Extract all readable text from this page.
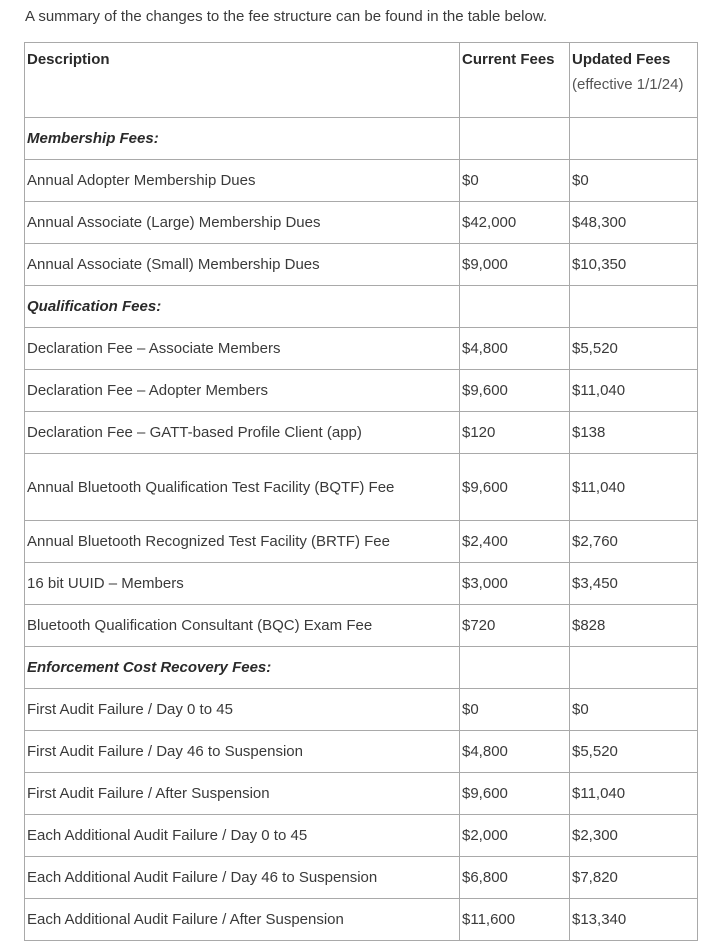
A summary of the changes to the fee structure can be found in the table below.
Description	Current Fees	Updated Fees
(effective 1/1/24)

Membership Fees:		
Annual Adopter Membership Dues	$0	$0
Annual Associate (Large) Membership Dues	$42,000	$48,300
Annual Associate (Small) Membership Dues	$9,000	$10,350
Qualification Fees:		
Declaration Fee – Associate Members	$4,800	$5,520
Declaration Fee – Adopter Members	$9,600	$11,040
Declaration Fee – GATT-based Profile Client (app)	$120	$138
Annual Bluetooth Qualification Test Facility (BQTF) Fee	$9,600	$11,040
Annual Bluetooth Recognized Test Facility (BRTF) Fee	$2,400	$2,760
16 bit UUID – Members	$3,000	$3,450
Bluetooth Qualification Consultant (BQC) Exam Fee	$720	$828
Enforcement Cost Recovery Fees:		
First Audit Failure / Day 0 to 45	$0	$0
First Audit Failure / Day 46 to Suspension	$4,800	$5,520
First Audit Failure / After Suspension	$9,600	$11,040
Each Additional Audit Failure / Day 0 to 45	$2,000	$2,300
Each Additional Audit Failure / Day 46 to Suspension	$6,800	$7,820
Each Additional Audit Failure / After Suspension	$11,600	$13,340
